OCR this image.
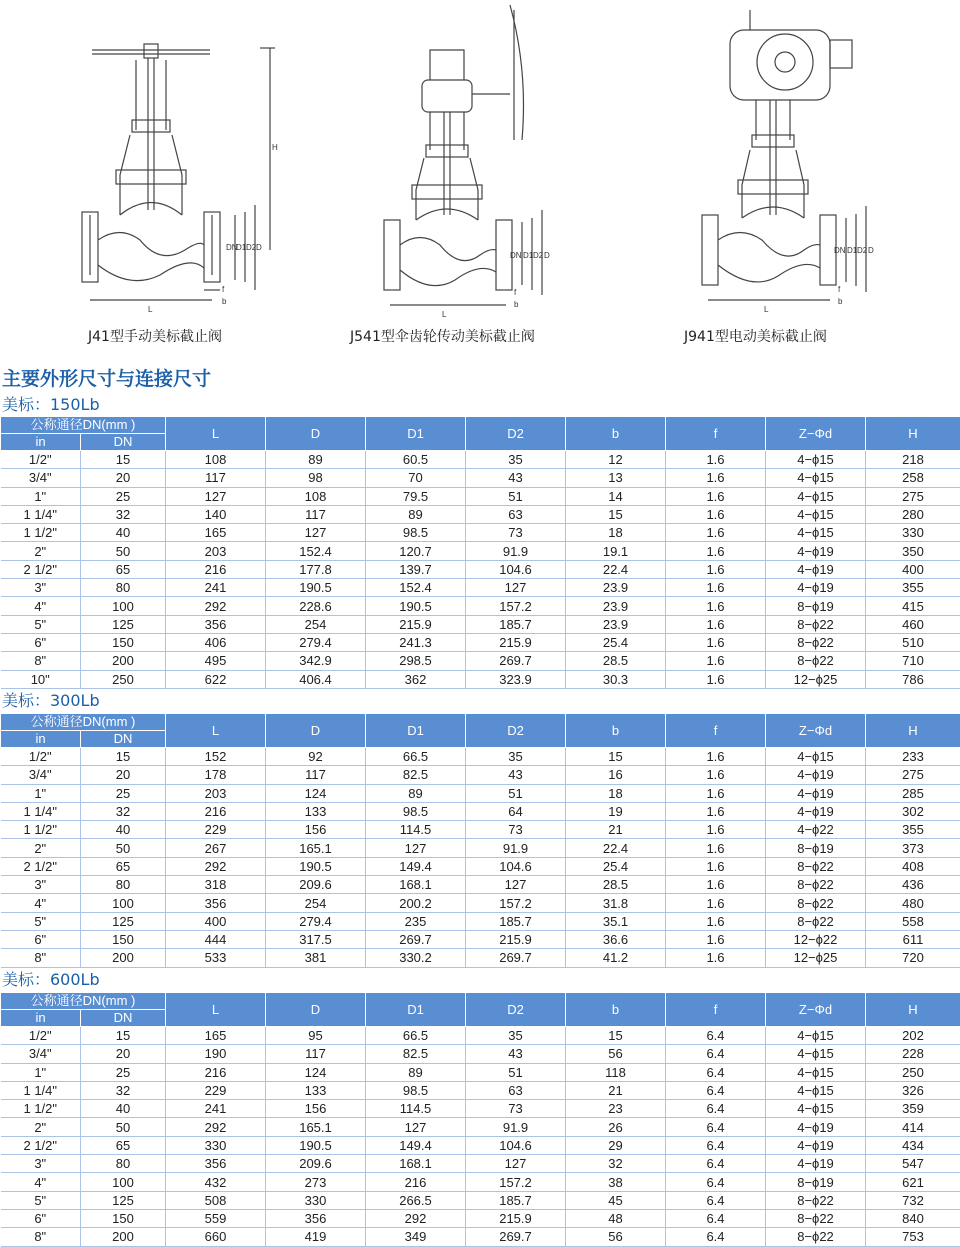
H
DN
D1 D2 D
L
f
b
J41型手动美标截止阀
DN D1 D2 D
L
f
b
J541型伞齿轮传动美标截止阀
DN D1 D2 D
L
f
b
J941型电动美标截止阀
主要外形尺寸与连接尺寸
美标：150Lb
美标：300Lb
美标：600Lb
公称通径DN(mm )		L	D	D1	D2	b	f	Z−Φd	H
in	DN								
1/2"	15	108	89	60.5	35	12	1.6	4−ϕ15	218
3/4"	20	117	98	70	43	13	1.6	4−ϕ15	258
1"	25	127	108	79.5	51	14	1.6	4−ϕ15	275
1 1/4"	32	140	117	89	63	15	1.6	4−ϕ15	280
1 1/2"	40	165	127	98.5	73	18	1.6	4−ϕ15	330
2"	50	203	152.4	120.7	91.9	19.1	1.6	4−ϕ19	350
2 1/2"	65	216	177.8	139.7	104.6	22.4	1.6	4−ϕ19	400
3"	80	241	190.5	152.4	127	23.9	1.6	4−ϕ19	355
4"	100	292	228.6	190.5	157.2	23.9	1.6	8−ϕ19	415
5"	125	356	254	215.9	185.7	23.9	1.6	8−ϕ22	460
6"	150	406	279.4	241.3	215.9	25.4	1.6	8−ϕ22	510
8"	200	495	342.9	298.5	269.7	28.5	1.6	8−ϕ22	710
10"	250	622	406.4	362	323.9	30.3	1.6	12−ϕ25	786
公称通径DN(mm )		L	D	D1	D2	b	f	Z−Φd	H
in	DN								
1/2"	15	152	92	66.5	35	15	1.6	4−ϕ15	233
3/4"	20	178	117	82.5	43	16	1.6	4−ϕ19	275
1"	25	203	124	89	51	18	1.6	4−ϕ19	285
1 1/4"	32	216	133	98.5	64	19	1.6	4−ϕ19	302
1 1/2"	40	229	156	114.5	73	21	1.6	4−ϕ22	355
2"	50	267	165.1	127	91.9	22.4	1.6	8−ϕ19	373
2 1/2"	65	292	190.5	149.4	104.6	25.4	1.6	8−ϕ22	408
3"	80	318	209.6	168.1	127	28.5	1.6	8−ϕ22	436
4"	100	356	254	200.2	157.2	31.8	1.6	8−ϕ22	480
5"	125	400	279.4	235	185.7	35.1	1.6	8−ϕ22	558
6"	150	444	317.5	269.7	215.9	36.6	1.6	12−ϕ22	611
8"	200	533	381	330.2	269.7	41.2	1.6	12−ϕ25	720
公称通径DN(mm )		L	D	D1	D2	b	f	Z−Φd	H
in	DN								
1/2"	15	165	95	66.5	35	15	6.4	4−ϕ15	202
3/4"	20	190	117	82.5	43	56	6.4	4−ϕ15	228
1"	25	216	124	89	51	118	6.4	4−ϕ15	250
1 1/4"	32	229	133	98.5	63	21	6.4	4−ϕ15	326
1 1/2"	40	241	156	114.5	73	23	6.4	4−ϕ15	359
2"	50	292	165.1	127	91.9	26	6.4	4−ϕ19	414
2 1/2"	65	330	190.5	149.4	104.6	29	6.4	4−ϕ19	434
3"	80	356	209.6	168.1	127	32	6.4	4−ϕ19	547
4"	100	432	273	216	157.2	38	6.4	8−ϕ19	621
5"	125	508	330	266.5	185.7	45	6.4	8−ϕ22	732
6"	150	559	356	292	215.9	48	6.4	8−ϕ22	840
8"	200	660	419	349	269.7	56	6.4	8−ϕ22	753
